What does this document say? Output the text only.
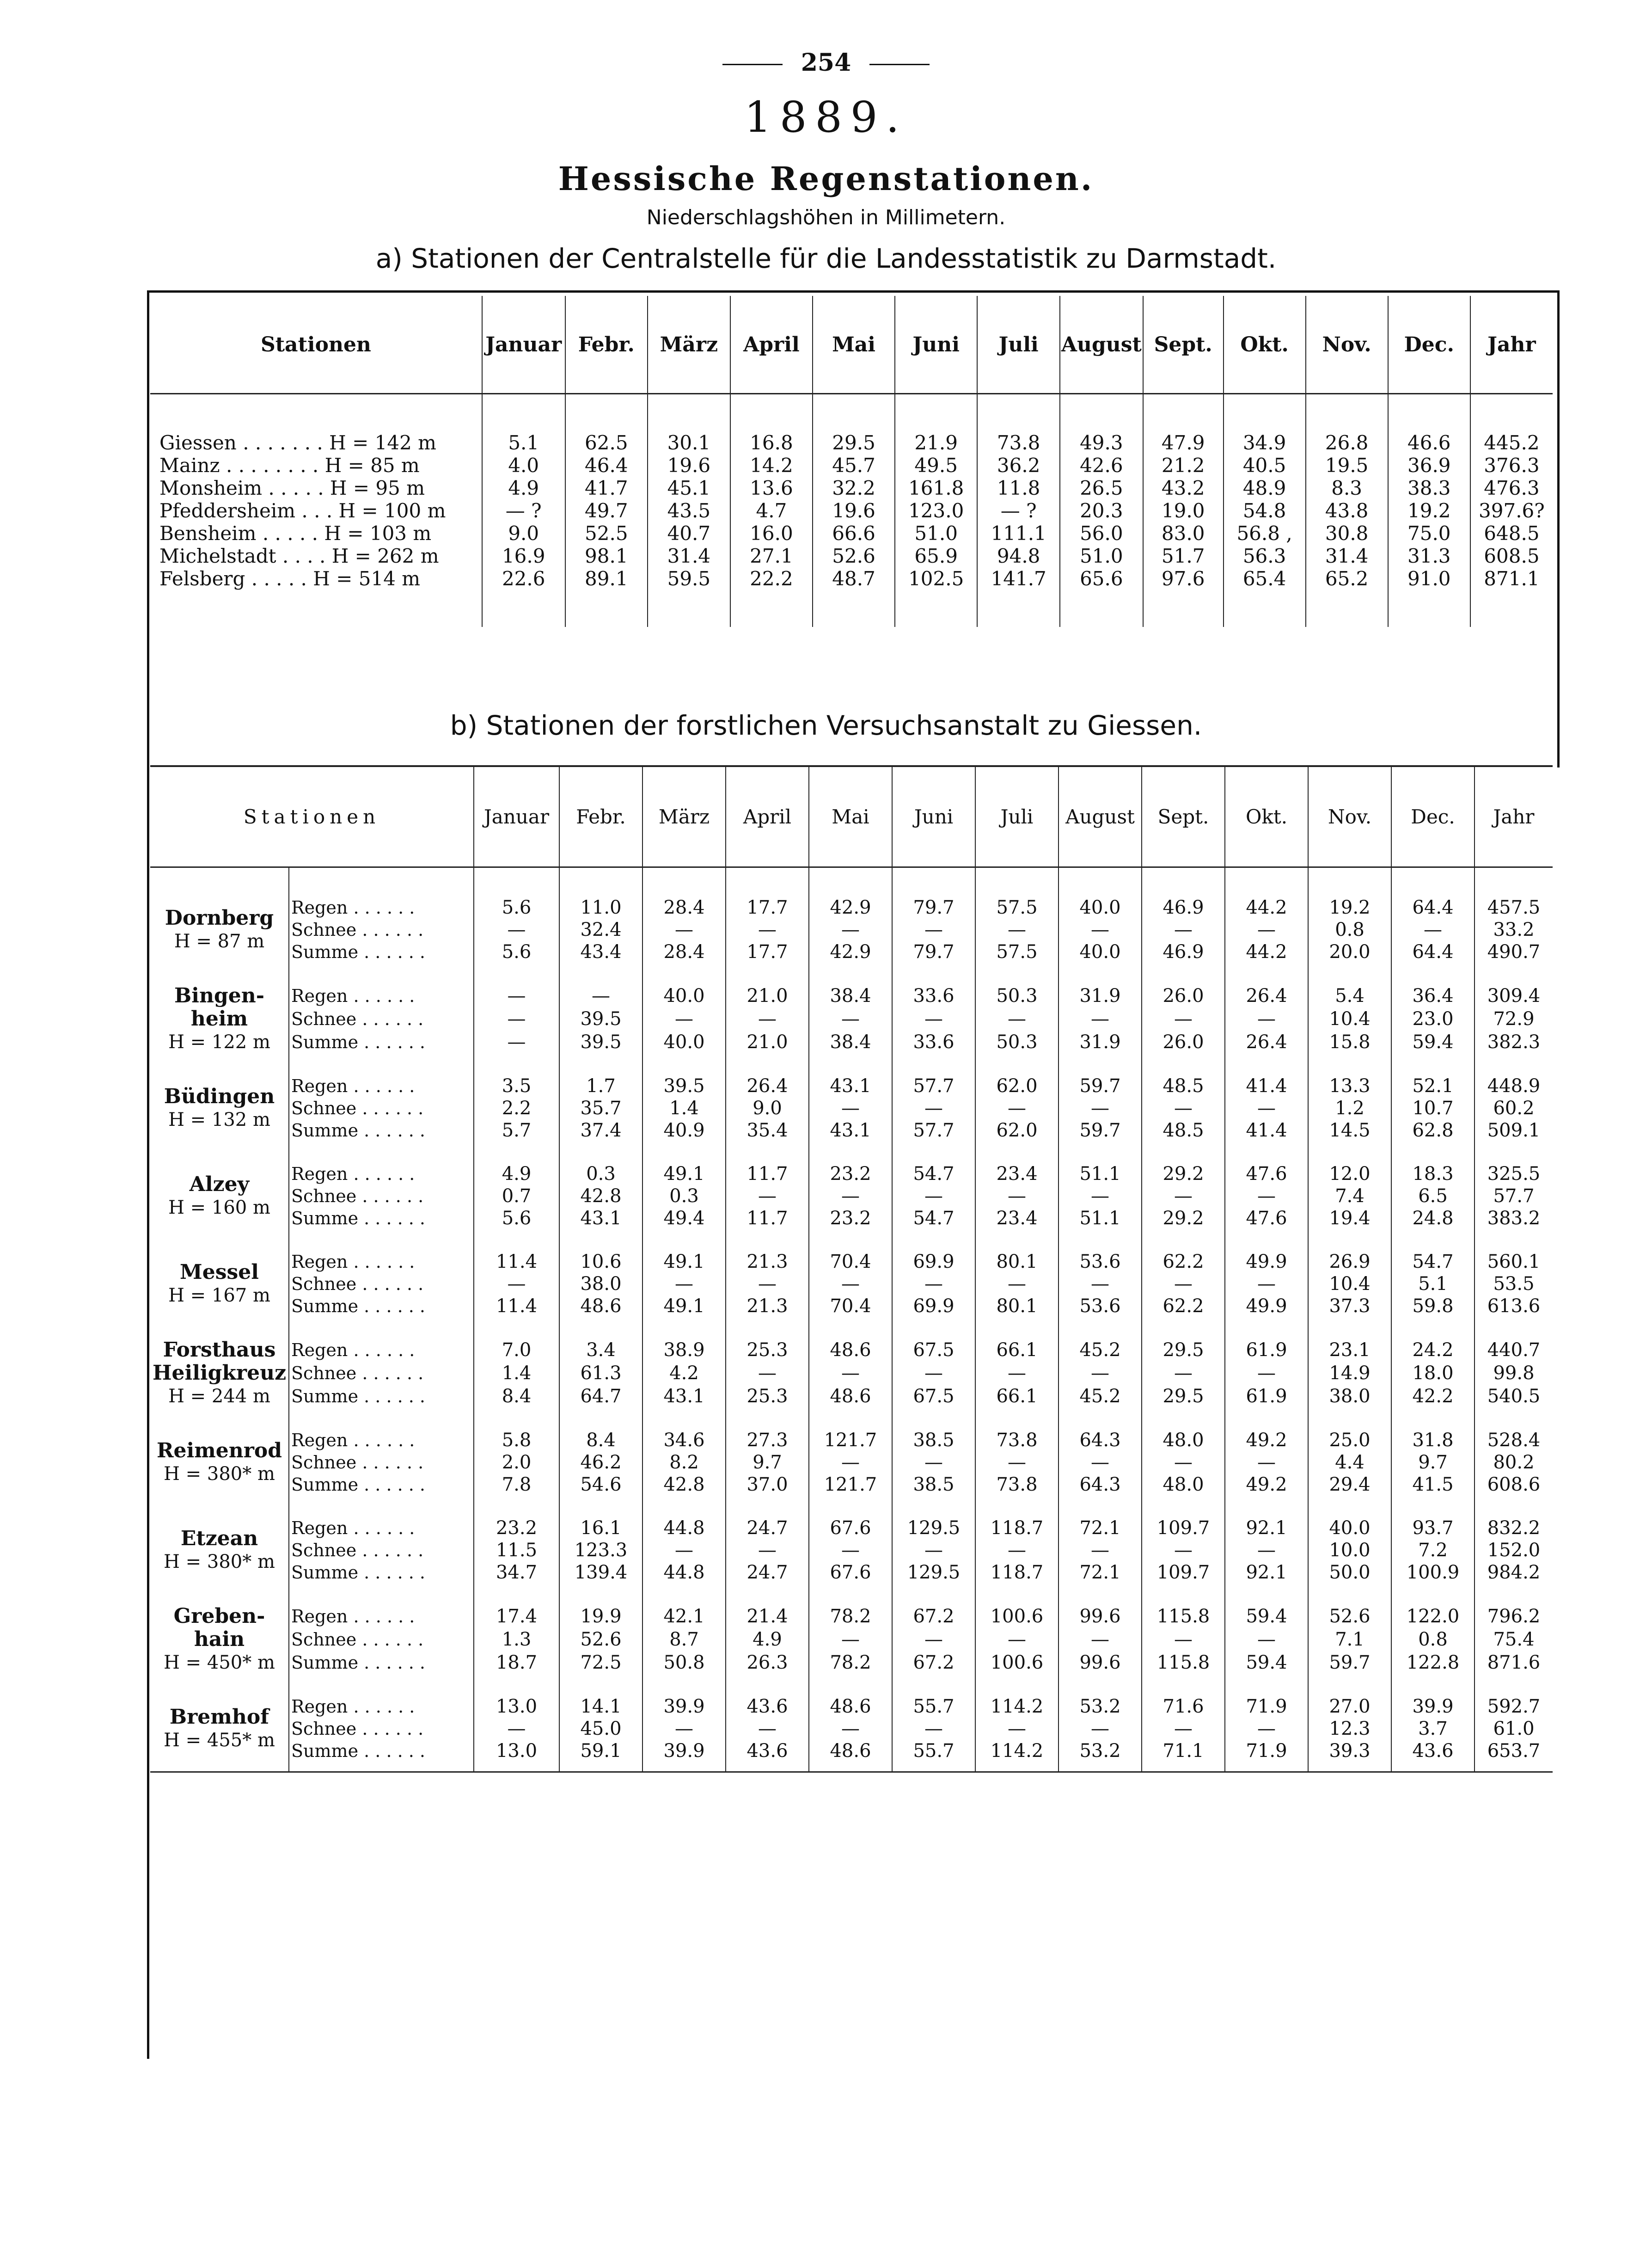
254
1889.
Hessische Regenstationen.
Niederschlagshöhen in Millimetern.
a) Stationen der Centralstelle für die Landesstatistik zu Darmstadt.
Stationen	Januar	Febr.	März	April	Mai	Juni	Juli	August	Sept.	Okt.	Nov.	Dec.	Jahr
Giessen . . . . . . . H = 142 m	5.1	62.5	30.1	16.8	29.5	21.9	73.8	49.3	47.9	34.9	26.8	46.6	445.2
Mainz . . . . . . . . H = 85 m	4.0	46.4	19.6	14.2	45.7	49.5	36.2	42.6	21.2	40.5	19.5	36.9	376.3
Monsheim . . . . . H = 95 m	4.9	41.7	45.1	13.6	32.2	161.8	11.8	26.5	43.2	48.9	8.3	38.3	476.3
Pfeddersheim . . . H = 100 m	— ?	49.7	43.5	4.7	19.6	123.0	— ?	20.3	19.0	54.8	43.8	19.2	397.6?
Bensheim . . . . . H = 103 m	9.0	52.5	40.7	16.0	66.6	51.0	111.1	56.0	83.0	56.8 ,	30.8	75.0	648.5
Michelstadt . . . . H = 262 m	16.9	98.1	31.4	27.1	52.6	65.9	94.8	51.0	51.7	56.3	31.4	31.3	608.5
Felsberg . . . . . H = 514 m	22.6	89.1	59.5	22.2	48.7	102.5	141.7	65.6	97.6	65.4	65.2	91.0	871.1

b) Stationen der forstlichen Versuchsanstalt zu Giessen.
Stationen		Januar	Febr.	März	April	Mai	Juni	Juli	August	Sept.	Okt.	Nov.	Dec.	Jahr

Dornberg
H = 87 m	Regen . . . . . .	5.6	11.0	28.4	17.7	42.9	79.7	57.5	40.0	46.9	44.2	19.2	64.4	457.5
	Schnee . . . . . .	—	32.4	—	—	—	—	—	—	—	—	0.8	—	33.2
	Summe . . . . . .	5.6	43.4	28.4	17.7	42.9	79.7	57.5	40.0	46.9	44.2	20.0	64.4	490.7

Bingen- heim
H = 122 m	Regen . . . . . .	—	—	40.0	21.0	38.4	33.6	50.3	31.9	26.0	26.4	5.4	36.4	309.4
	Schnee . . . . . .	—	39.5	—	—	—	—	—	—	—	—	10.4	23.0	72.9
	Summe . . . . . .	—	39.5	40.0	21.0	38.4	33.6	50.3	31.9	26.0	26.4	15.8	59.4	382.3

Büdingen
H = 132 m	Regen . . . . . .	3.5	1.7	39.5	26.4	43.1	57.7	62.0	59.7	48.5	41.4	13.3	52.1	448.9
	Schnee . . . . . .	2.2	35.7	1.4	9.0	—	—	—	—	—	—	1.2	10.7	60.2
	Summe . . . . . .	5.7	37.4	40.9	35.4	43.1	57.7	62.0	59.7	48.5	41.4	14.5	62.8	509.1

Alzey
H = 160 m	Regen . . . . . .	4.9	0.3	49.1	11.7	23.2	54.7	23.4	51.1	29.2	47.6	12.0	18.3	325.5
	Schnee . . . . . .	0.7	42.8	0.3	—	—	—	—	—	—	—	7.4	6.5	57.7
	Summe . . . . . .	5.6	43.1	49.4	11.7	23.2	54.7	23.4	51.1	29.2	47.6	19.4	24.8	383.2

Messel
H = 167 m	Regen . . . . . .	11.4	10.6	49.1	21.3	70.4	69.9	80.1	53.6	62.2	49.9	26.9	54.7	560.1
	Schnee . . . . . .	—	38.0	—	—	—	—	—	—	—	—	10.4	5.1	53.5
	Summe . . . . . .	11.4	48.6	49.1	21.3	70.4	69.9	80.1	53.6	62.2	49.9	37.3	59.8	613.6

Forsthaus Heiligkreuz
H = 244 m	Regen . . . . . .	7.0	3.4	38.9	25.3	48.6	67.5	66.1	45.2	29.5	61.9	23.1	24.2	440.7
	Schnee . . . . . .	1.4	61.3	4.2	—	—	—	—	—	—	—	14.9	18.0	99.8
	Summe . . . . . .	8.4	64.7	43.1	25.3	48.6	67.5	66.1	45.2	29.5	61.9	38.0	42.2	540.5

Reimenrod
H = 380* m	Regen . . . . . .	5.8	8.4	34.6	27.3	121.7	38.5	73.8	64.3	48.0	49.2	25.0	31.8	528.4
	Schnee . . . . . .	2.0	46.2	8.2	9.7	—	—	—	—	—	—	4.4	9.7	80.2
	Summe . . . . . .	7.8	54.6	42.8	37.0	121.7	38.5	73.8	64.3	48.0	49.2	29.4	41.5	608.6

Etzean
H = 380* m	Regen . . . . . .	23.2	16.1	44.8	24.7	67.6	129.5	118.7	72.1	109.7	92.1	40.0	93.7	832.2
	Schnee . . . . . .	11.5	123.3	—	—	—	—	—	—	—	—	10.0	7.2	152.0
	Summe . . . . . .	34.7	139.4	44.8	24.7	67.6	129.5	118.7	72.1	109.7	92.1	50.0	100.9	984.2

Greben- hain
H = 450* m	Regen . . . . . .	17.4	19.9	42.1	21.4	78.2	67.2	100.6	99.6	115.8	59.4	52.6	122.0	796.2
	Schnee . . . . . .	1.3	52.6	8.7	4.9	—	—	—	—	—	—	7.1	0.8	75.4
	Summe . . . . . .	18.7	72.5	50.8	26.3	78.2	67.2	100.6	99.6	115.8	59.4	59.7	122.8	871.6

Bremhof
H = 455* m	Regen . . . . . .	13.0	14.1	39.9	43.6	48.6	55.7	114.2	53.2	71.6	71.9	27.0	39.9	592.7
	Schnee . . . . . .	—	45.0	—	—	—	—	—	—	—	—	12.3	3.7	61.0
	Summe . . . . . .	13.0	59.1	39.9	43.6	48.6	55.7	114.2	53.2	71.1	71.9	39.3	43.6	653.7
